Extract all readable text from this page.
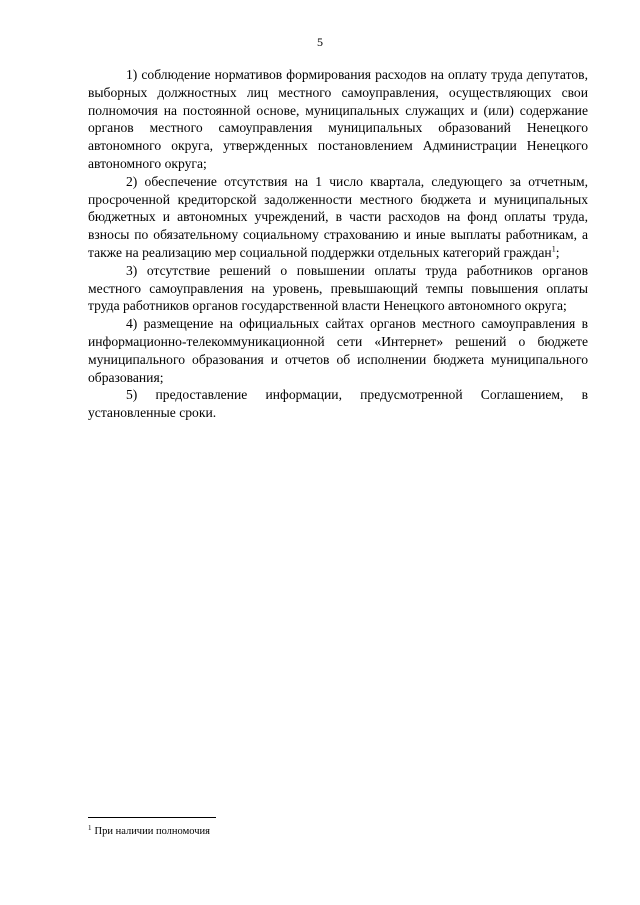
5

1) соблюдение нормативов формирования расходов на оплату труда депутатов, выборных должностных лиц местного самоуправления, осуществляющих свои полномочия на постоянной основе, муниципальных служащих и (или) содержание органов местного самоуправления муниципальных образований Ненецкого автономного округа, утвержденных постановлением Администрации Ненецкого автономного округа;

2) обеспечение отсутствия на 1 число квартала, следующего за отчетным, просроченной кредиторской задолженности местного бюджета и муниципальных бюджетных и автономных учреждений, в части расходов на фонд оплаты труда, взносы по обязательному социальному страхованию и иные выплаты работникам, а также на реализацию мер социальной поддержки отдельных категорий граждан$^1$;

3) отсутствие решений о повышении оплаты труда работников органов местного самоуправления на уровень, превышающий темпы повышения оплаты труда работников органов государственной власти Ненецкого автономного округа;

4) размещение на официальных сайтах органов местного самоуправления в информационно-телекоммуникационной сети «Интернет» решений о бюджете муниципального образования и отчетов об исполнении бюджета муниципального образования;

5) предоставление информации, предусмотренной Соглашением, в установленные сроки.

$^1$ При наличии полномочия
